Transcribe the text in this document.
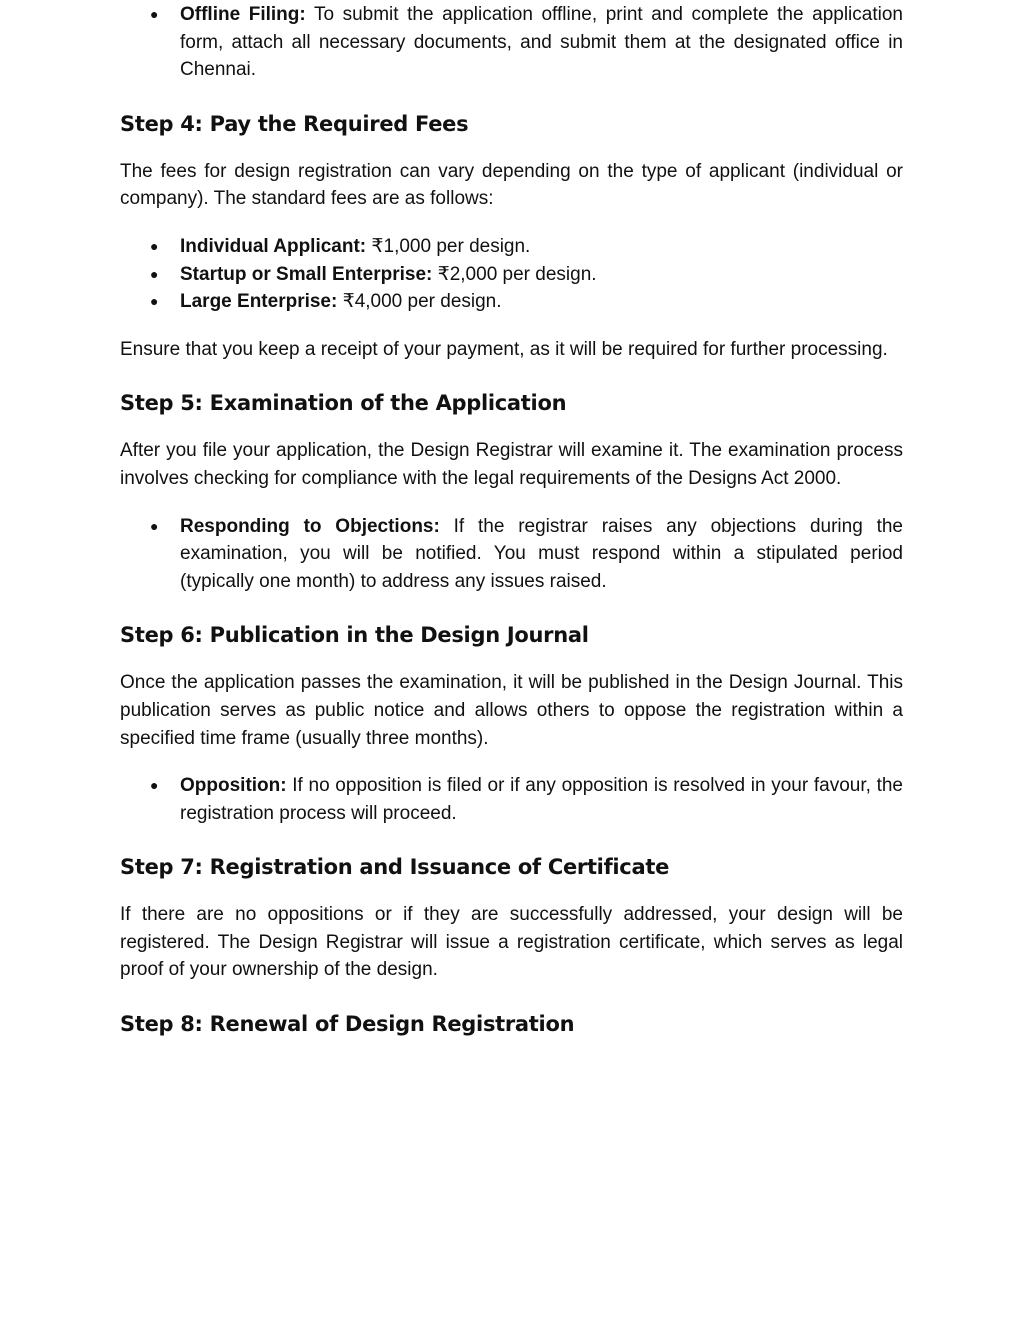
● Offline Filing: To submit the application offline, print and complete the application form, attach all necessary documents, and submit them at the designated office in Chennai.
Step 4: Pay the Required Fees

The fees for design registration can vary depending on the type of applicant (individual or company). The standard fees are as follows:

● Individual Applicant: ₹1,000 per design.
● Startup or Small Enterprise: ₹2,000 per design.
● Large Enterprise: ₹4,000 per design.

Ensure that you keep a receipt of your payment, as it will be required for further processing.

Step 5: Examination of the Application

After you file your application, the Design Registrar will examine it. The examination process involves checking for compliance with the legal requirements of the Designs Act 2000.

● Responding to Objections: If the registrar raises any objections during the examination, you will be notified. You must respond within a stipulated period (typically one month) to address any issues raised.
Step 6: Publication in the Design Journal

Once the application passes the examination, it will be published in the Design Journal. This publication serves as public notice and allows others to oppose the registration within a specified time frame (usually three months).

● Opposition: If no opposition is filed or if any opposition is resolved in your favour, the registration process will proceed.
Step 7: Registration and Issuance of Certificate

If there are no oppositions or if they are successfully addressed, your design will be registered. The Design Registrar will issue a registration certificate, which serves as legal proof of your ownership of the design.

Step 8: Renewal of Design Registration
